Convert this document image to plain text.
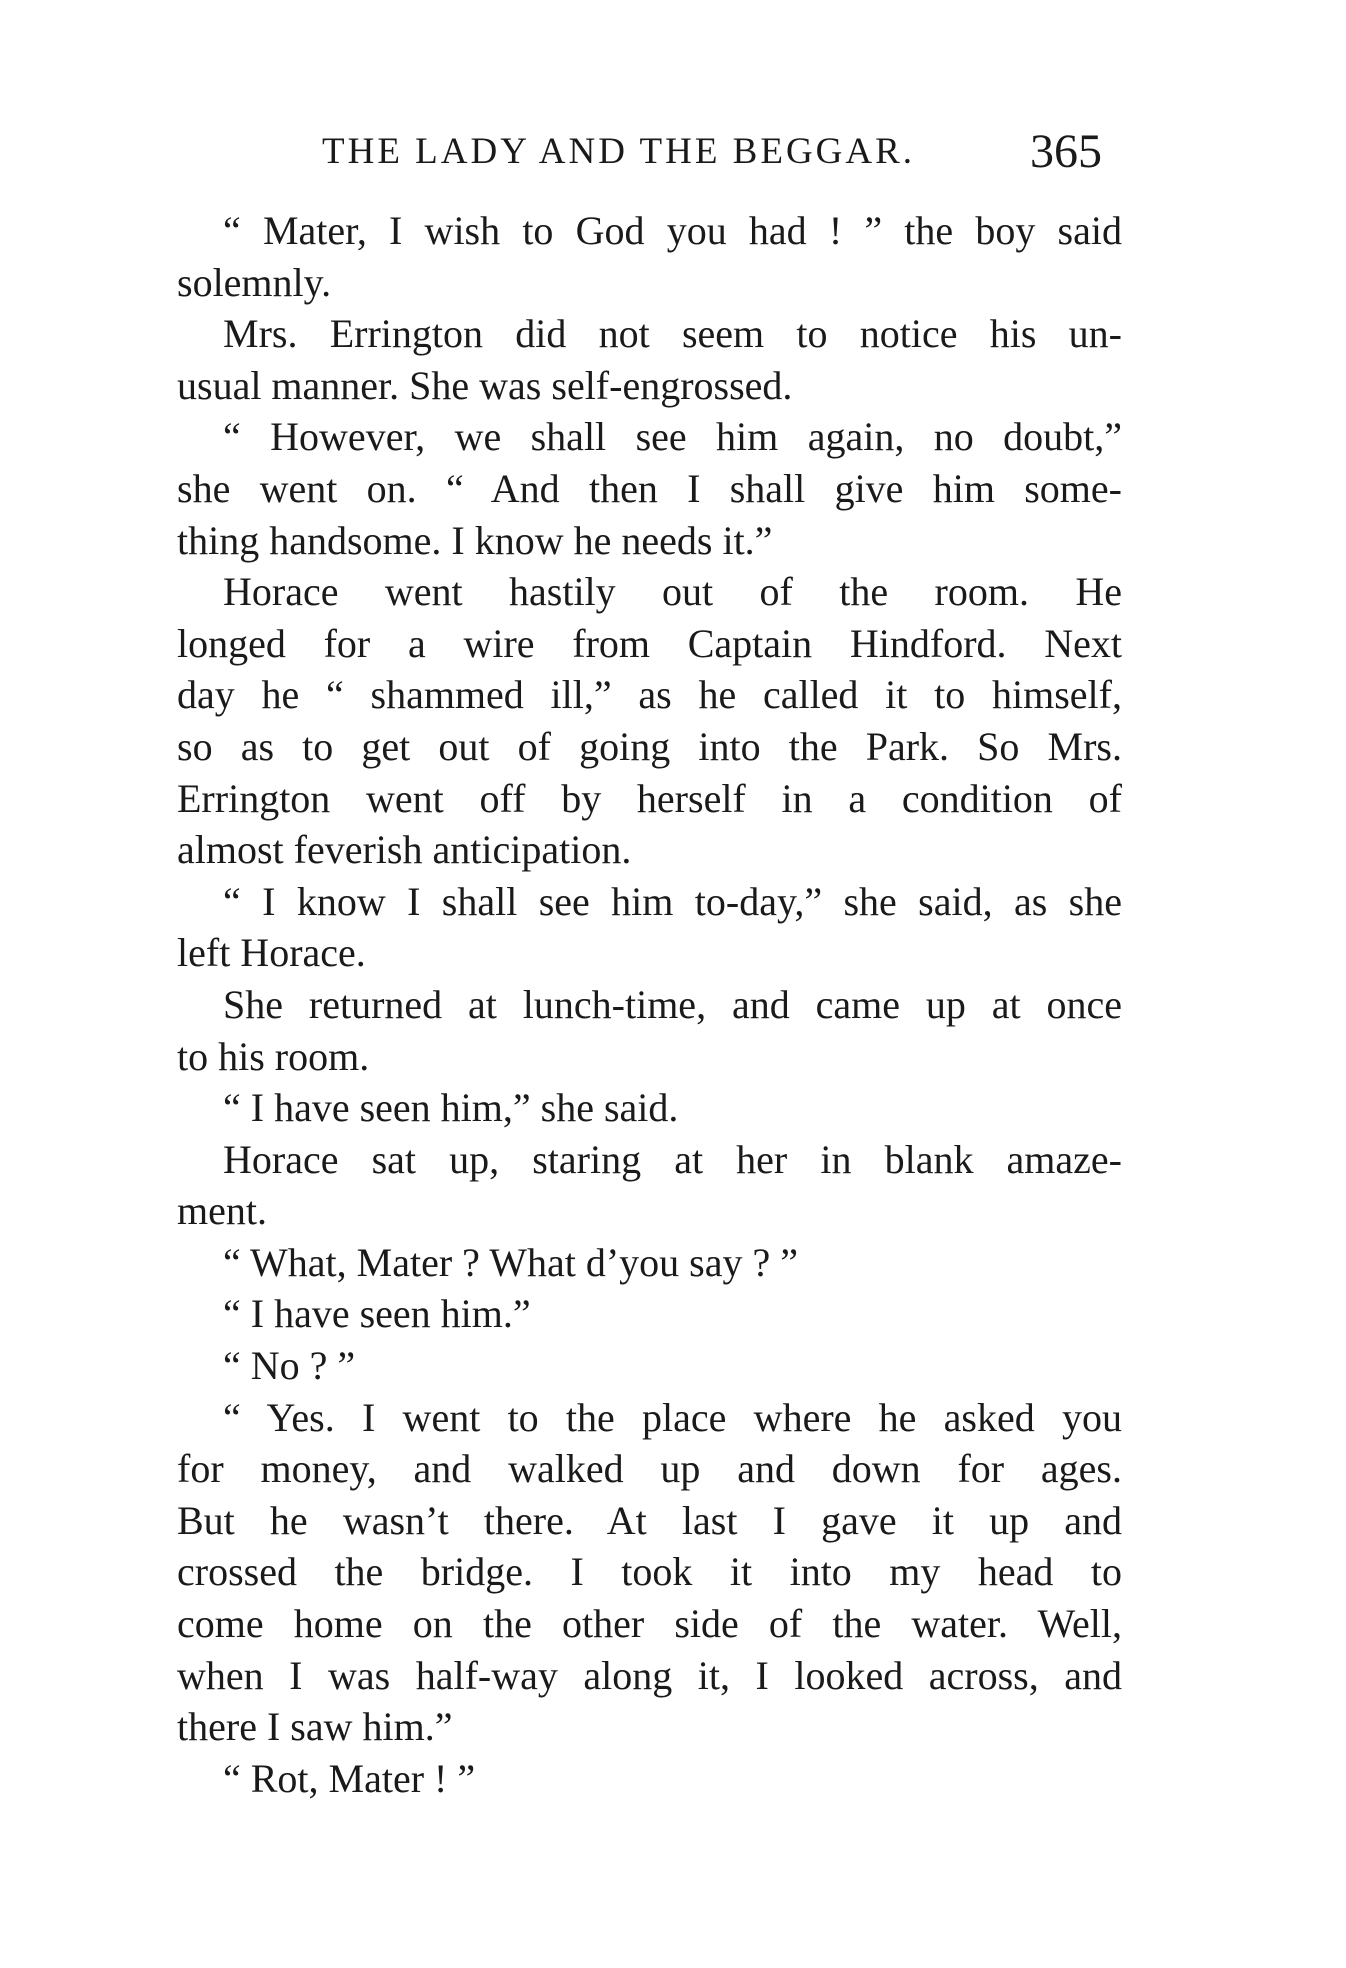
THE LADY AND THE BEGGAR. 365
“ Mater, I wish to God you had ! ” the boy said
solemnly.
Mrs. Errington did not seem to notice his un-
usual manner. She was self-engrossed.
“ However, we shall see him again, no doubt,”
she went on. “ And then I shall give him some-
thing handsome. I know he needs it.”
Horace went hastily out of the room. He
longed for a wire from Captain Hindford. Next
day he “ shammed ill,” as he called it to himself,
so as to get out of going into the Park. So Mrs.
Errington went off by herself in a condition of
almost feverish anticipation.
“ I know I shall see him to-day,” she said, as she
left Horace.
She returned at lunch-time, and came up at once
to his room.
“ I have seen him,” she said.
Horace sat up, staring at her in blank amaze-
ment.
“ What, Mater ? What d’you say ? ”
“ I have seen him.”
“ No ? ”
“ Yes. I went to the place where he asked you
for money, and walked up and down for ages.
But he wasn’t there. At last I gave it up and
crossed the bridge. I took it into my head to
come home on the other side of the water. Well,
when I was half-way along it, I looked across, and
there I saw him.”
“ Rot, Mater ! ”
